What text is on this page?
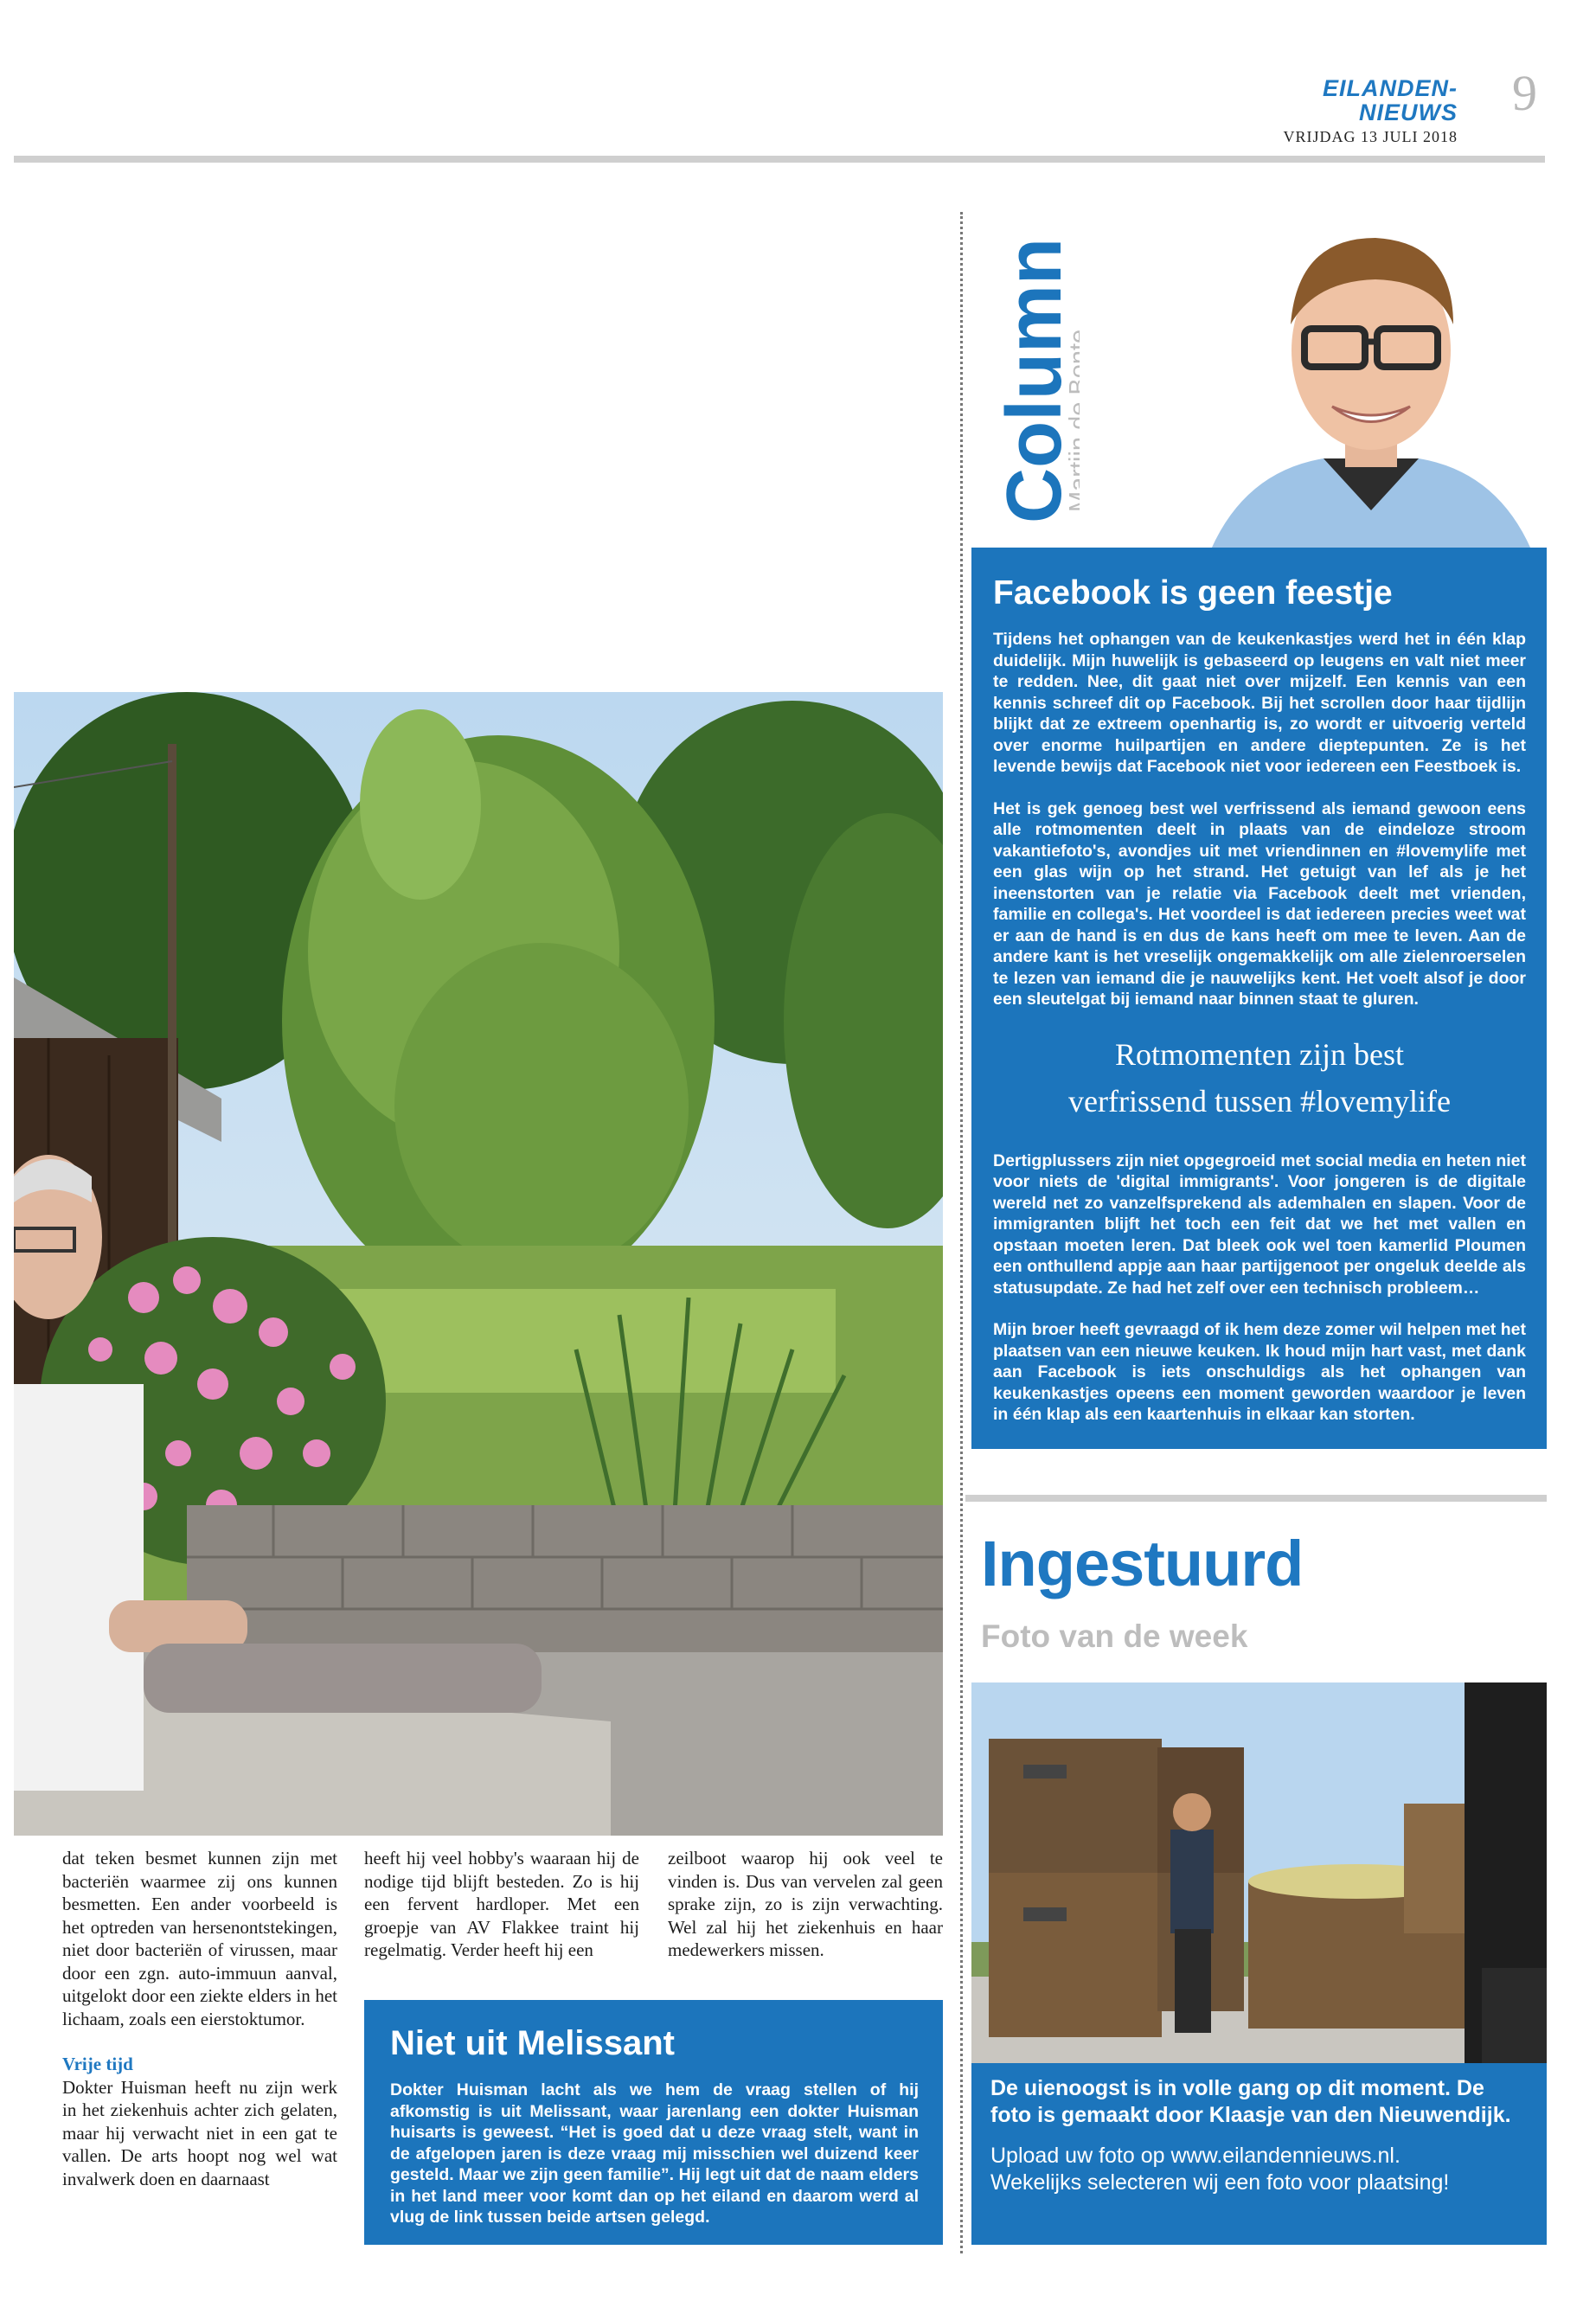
EILANDEN-NIEUWS
VRIJDAG 13 JULI 2018
9

dat teken besmet kunnen zijn met bacteriën waarmee zij ons kunnen besmetten. Een ander voorbeeld is het optreden van hersenontstekingen, niet door bacteriën of virussen, maar door een zgn. auto-immuun aanval, uitgelokt door een ziekte elders in het lichaam, zoals een eierstoktumor.

Vrije tijd
Dokter Huisman heeft nu zijn werk in het ziekenhuis achter zich gelaten, maar hij verwacht niet in een gat te vallen. De arts hoopt nog wel wat invalwerk doen en daarnaast
heeft hij veel hobby's waaraan hij de nodige tijd blijft besteden. Zo is hij een fervent hardloper. Met een groepje van AV Flakkee traint hij regelmatig. Verder heeft hij een
zeilboot waarop hij ook veel te vinden is. Dus van vervelen zal geen sprake zijn, zo is zijn verwachting. Wel zal hij het ziekenhuis en haar medewerkers missen.
Niet uit Melissant
Dokter Huisman lacht als we hem de vraag stellen of hij afkomstig is uit Melissant, waar jarenlang een dokter Huisman huisarts is geweest. “Het is goed dat u deze vraag stelt, want in de afgelopen jaren is deze vraag mij misschien wel duizend keer gesteld. Maar we zijn geen familie”. Hij legt uit dat de naam elders in het land meer voor komt dan op het eiland en daarom werd al vlug de link tussen beide artsen gelegd.
Column
Martijn de Bonte
Facebook is geen feestje

Tijdens het ophangen van de keukenkastjes werd het in één klap duidelijk. Mijn huwelijk is gebaseerd op leugens en valt niet meer te redden. Nee, dit gaat niet over mijzelf. Een kennis van een kennis schreef dit op Facebook. Bij het scrollen door haar tijdlijn blijkt dat ze extreem openhartig is, zo wordt er uitvoerig verteld over enorme huilpartijen en andere dieptepunten. Ze is het levende bewijs dat Facebook niet voor iedereen een Feestboek is.

Het is gek genoeg best wel verfrissend als iemand gewoon eens alle rotmomenten deelt in plaats van de eindeloze stroom vakantiefoto's, avondjes uit met vriendinnen en #lovemylife met een glas wijn op het strand. Het getuigt van lef als je het ineenstorten van je relatie via Facebook deelt met vrienden, familie en collega's. Het voordeel is dat iedereen precies weet wat er aan de hand is en dus de kans heeft om mee te leven. Aan de andere kant is het vreselijk ongemakkelijk om alle zielenroerselen te lezen van iemand die je nauwelijks kent. Het voelt alsof je door een sleutelgat bij iemand naar binnen staat te gluren.

Rotmomenten zijn best
verfrissend tussen #lovemylife

Dertigplussers zijn niet opgegroeid met social media en heten niet voor niets de 'digital immigrants'. Voor jongeren is de digitale wereld net zo vanzelfsprekend als ademhalen en slapen. Voor de immigranten blijft het toch een feit dat we het met vallen en opstaan moeten leren. Dat bleek ook wel toen kamerlid Ploumen een onthullend appje aan haar partijgenoot per ongeluk deelde als statusupdate. Ze had het zelf over een technisch probleem…

Mijn broer heeft gevraagd of ik hem deze zomer wil helpen met het plaatsen van een nieuwe keuken. Ik houd mijn hart vast, met dank aan Facebook is iets onschuldigs als het ophangen van keukenkastjes opeens een moment geworden waardoor je leven in één klap als een kaartenhuis in elkaar kan storten.

Ingestuurd
Foto van de week
De uienoogst is in volle gang op dit moment. De foto is gemaakt door Klaasje van den Nieuwendijk.
Upload uw foto op www.eilandennieuws.nl.
Wekelijks selecteren wij een foto voor plaatsing!
